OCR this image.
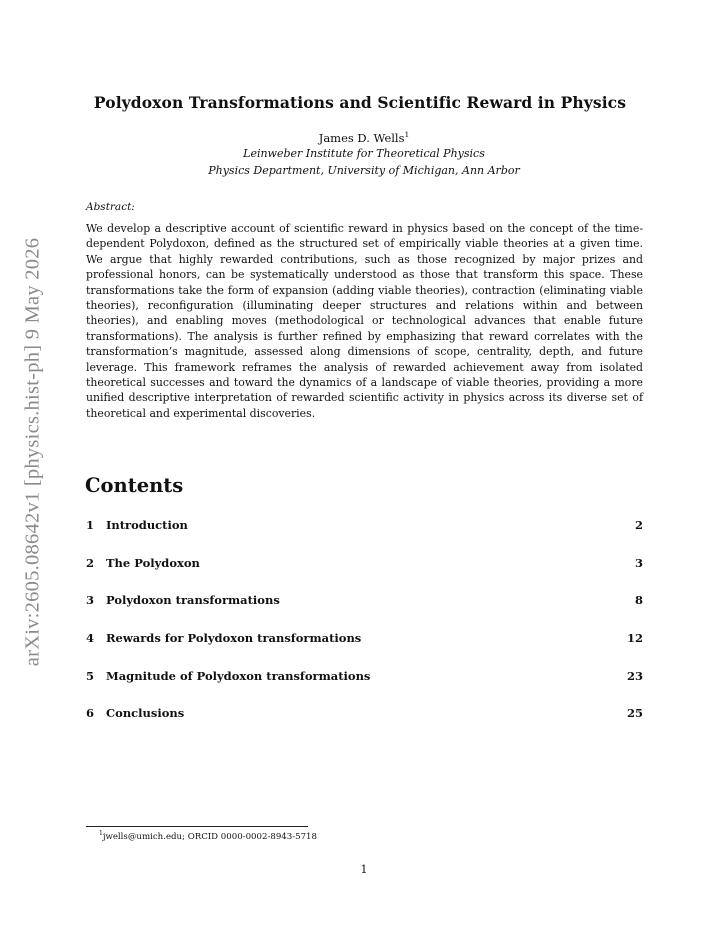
arXiv:2605.08642v1 [physics.hist-ph] 9 May 2026
Polydoxon Transformations and Scientific Reward in Physics
James D. Wells$^1$
Leinweber Institute for Theoretical Physics
Physics Department, University of Michigan, Ann Arbor
Abstract:

We develop a descriptive account of scientific reward in physics based on the concept of the time-dependent Polydoxon, defined as the structured set of empirically viable theories at a given time. We argue that highly rewarded contributions, such as those recognized by major prizes and professional honors, can be systematically understood as those that transform this space. These transformations take the form of expansion (adding viable theories), contraction (eliminating viable theories), reconfiguration (illuminating deeper structures and relations within and between theories), and enabling moves (methodological or technological advances that enable future transformations). The analysis is further refined by emphasizing that reward correlates with the transformation’s magnitude, assessed along dimensions of scope, centrality, depth, and future leverage. This framework reframes the analysis of rewarded achievement away from isolated theoretical successes and toward the dynamics of a landscape of viable theories, providing a more unified descriptive interpretation of rewarded scientific activity in physics across its diverse set of theoretical and experimental discoveries.

Contents
1 Introduction	2
2 The Polydoxon	3
3 Polydoxon transformations	8
4 Rewards for Polydoxon transformations	12
5 Magnitude of Polydoxon transformations	23
6 Conclusions	25
$^1$jwells@umich.edu; ORCID 0000-0002-8943-5718
1
